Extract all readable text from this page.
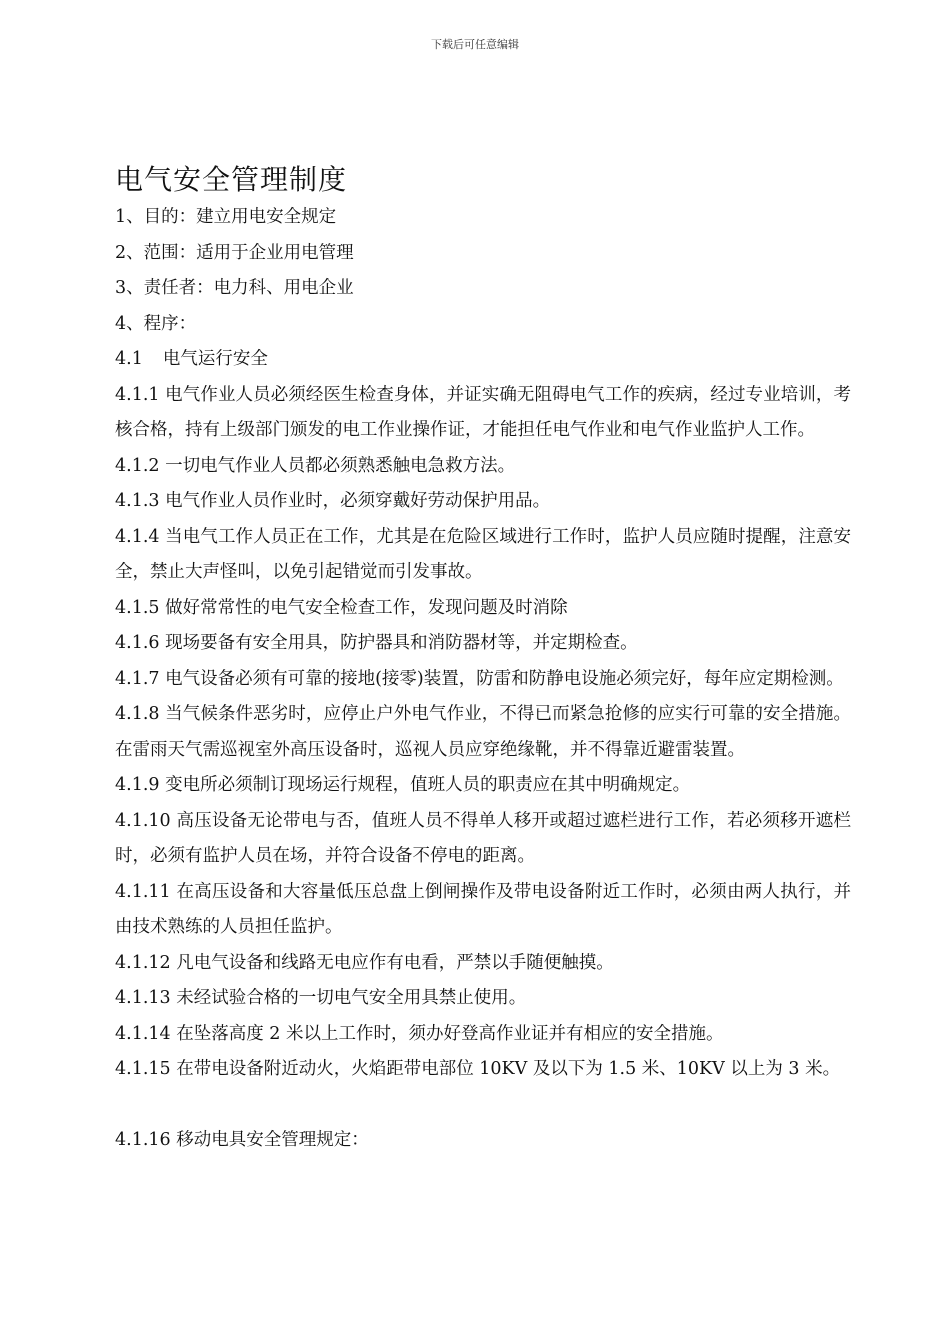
下载后可任意编辑
电气安全管理制度

1、目的：建立用电安全规定

2、范围：适用于企业用电管理

3、责任者：电力科、用电企业

4、程序：

4.1 电气运行安全

4.1.1 电气作业人员必须经医生检查身体，并证实确无阻碍电气工作的疾病，经过专业培训，考核合格，持有上级部门颁发的电工作业操作证，才能担任电气作业和电气作业监护人工作。

4.1.2 一切电气作业人员都必须熟悉触电急救方法。

4.1.3 电气作业人员作业时，必须穿戴好劳动保护用品。

4.1.4 当电气工作人员正在工作，尤其是在危险区域进行工作时，监护人员应随时提醒，注意安全，禁止大声怪叫，以免引起错觉而引发事故。

4.1.5 做好常常性的电气安全检查工作，发现问题及时消除

4.1.6 现场要备有安全用具，防护器具和消防器材等，并定期检查。

4.1.7 电气设备必须有可靠的接地(接零)装置，防雷和防静电设施必须完好，每年应定期检测。

4.1.8 当气候条件恶劣时，应停止户外电气作业，不得已而紧急抢修的应实行可靠的安全措施。在雷雨天气需巡视室外高压设备时，巡视人员应穿绝缘靴，并不得靠近避雷装置。

4.1.9 变电所必须制订现场运行规程，值班人员的职责应在其中明确规定。

4.1.10 高压设备无论带电与否，值班人员不得单人移开或超过遮栏进行工作，若必须移开遮栏时，必须有监护人员在场，并符合设备不停电的距离。

4.1.11 在高压设备和大容量低压总盘上倒闸操作及带电设备附近工作时，必须由两人执行，并由技术熟练的人员担任监护。

4.1.12 凡电气设备和线路无电应作有电看，严禁以手随便触摸。

4.1.13 未经试验合格的一切电气安全用具禁止使用。

4.1.14 在坠落高度 2 米以上工作时，须办好登高作业证并有相应的安全措施。

4.1.15 在带电设备附近动火，火焰距带电部位 10KV 及以下为 1.5 米、10KV 以上为 3 米。

4.1.16 移动电具安全管理规定：
